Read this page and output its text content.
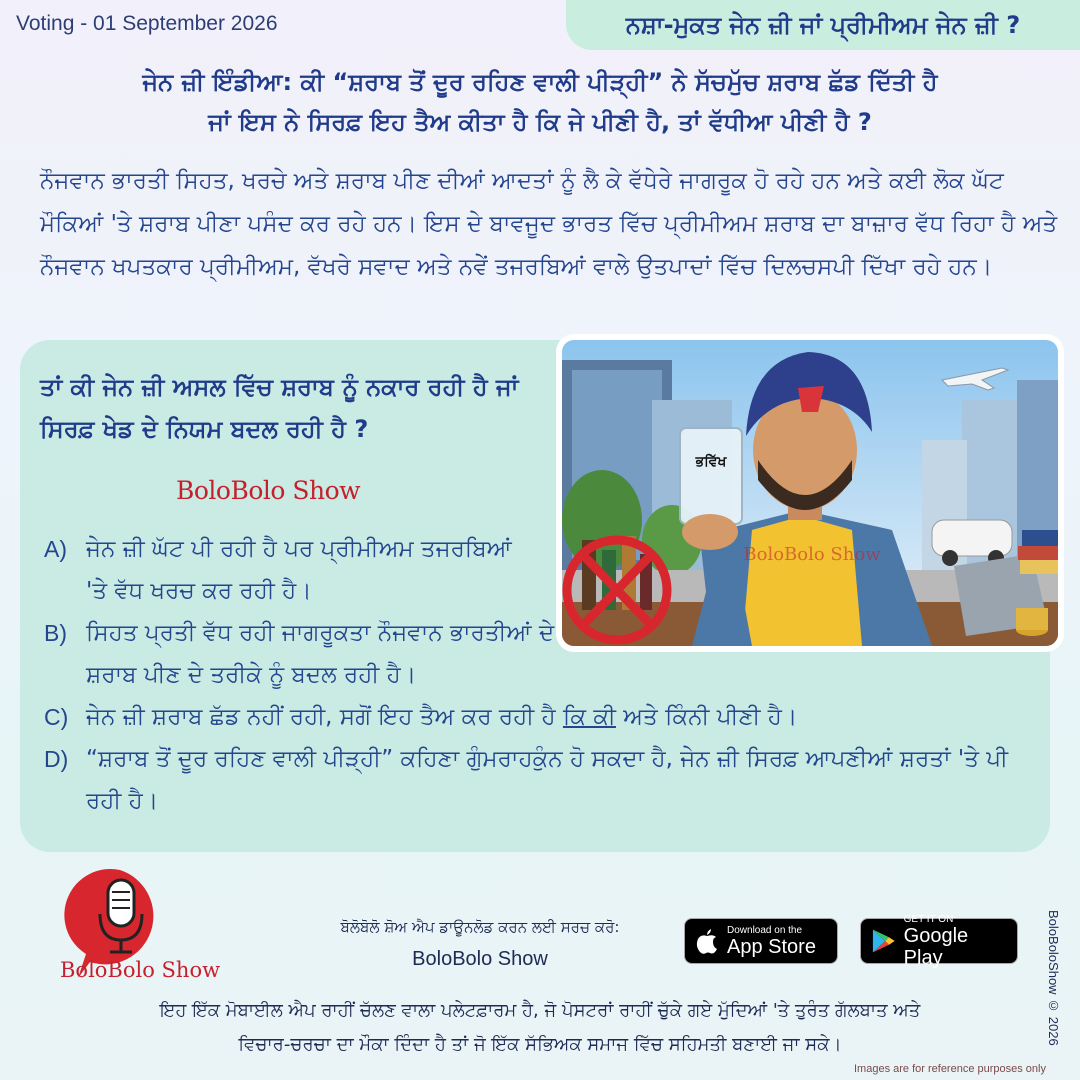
Voting - 01 September 2026	ਨਸ਼ਾ-ਮੁਕਤ ਜੇਨ ਜ਼ੀ ਜਾਂ ਪ੍ਰੀਮੀਅਮ ਜੇਨ ਜ਼ੀ ?
ਜੇਨ ਜ਼ੀ ਇੰਡੀਆ: ਕੀ “ਸ਼ਰਾਬ ਤੋਂ ਦੂਰ ਰਹਿਣ ਵਾਲੀ ਪੀੜ੍ਹੀ” ਨੇ ਸੱਚਮੁੱਚ ਸ਼ਰਾਬ ਛੱਡ ਦਿੱਤੀ ਹੈ
ਜਾਂ ਇਸ ਨੇ ਸਿਰਫ਼ ਇਹ ਤੈਅ ਕੀਤਾ ਹੈ ਕਿ ਜੇ ਪੀਣੀ ਹੈ, ਤਾਂ ਵੱਧੀਆ ਪੀਣੀ ਹੈ ?
ਨੌਜਵਾਨ ਭਾਰਤੀ ਸਿਹਤ, ਖਰਚੇ ਅਤੇ ਸ਼ਰਾਬ ਪੀਣ ਦੀਆਂ ਆਦਤਾਂ ਨੂੰ ਲੈ ਕੇ ਵੱਧੇਰੇ ਜਾਗਰੂਕ ਹੋ ਰਹੇ ਹਨ ਅਤੇ ਕਈ ਲੋਕ ਘੱਟ ਮੌਕਿਆਂ 'ਤੇ ਸ਼ਰਾਬ ਪੀਣਾ ਪਸੰਦ ਕਰ ਰਹੇ ਹਨ। ਇਸ ਦੇ ਬਾਵਜੂਦ ਭਾਰਤ ਵਿੱਚ ਪ੍ਰੀਮੀਅਮ ਸ਼ਰਾਬ ਦਾ ਬਾਜ਼ਾਰ ਵੱਧ ਰਿਹਾ ਹੈ ਅਤੇ ਨੌਜਵਾਨ ਖਪਤਕਾਰ ਪ੍ਰੀਮੀਅਮ, ਵੱਖਰੇ ਸਵਾਦ ਅਤੇ ਨਵੇਂ ਤਜਰਬਿਆਂ ਵਾਲੇ ਉਤਪਾਦਾਂ ਵਿੱਚ ਦਿਲਚਸਪੀ ਦਿੱਖਾ ਰਹੇ ਹਨ।
ਭਵਿੱਖ
BoloBolo Show
ਤਾਂ ਕੀ ਜੇਨ ਜ਼ੀ ਅਸਲ ਵਿੱਚ ਸ਼ਰਾਬ ਨੂੰ ਨਕਾਰ ਰਹੀ ਹੈ ਜਾਂ ਸਿਰਫ਼ ਖੇਡ ਦੇ ਨਿਯਮ ਬਦਲ ਰਹੀ ਹੈ ?
BoloBolo Show
A) ਜੇਨ ਜ਼ੀ ਘੱਟ ਪੀ ਰਹੀ ਹੈ ਪਰ ਪ੍ਰੀਮੀਅਮ ਤਜਰਬਿਆਂ 'ਤੇ ਵੱਧ ਖਰਚ ਕਰ ਰਹੀ ਹੈ।
B) ਸਿਹਤ ਪ੍ਰਤੀ ਵੱਧ ਰਹੀ ਜਾਗਰੂਕਤਾ ਨੌਜਵਾਨ ਭਾਰਤੀਆਂ ਦੇ ਸ਼ਰਾਬ ਪੀਣ ਦੇ ਤਰੀਕੇ ਨੂੰ ਬਦਲ ਰਹੀ ਹੈ।
C) ਜੇਨ ਜ਼ੀ ਸ਼ਰਾਬ ਛੱਡ ਨਹੀਂ ਰਹੀ, ਸਗੋਂ ਇਹ ਤੈਅ ਕਰ ਰਹੀ ਹੈ ਕਿ ਕੀ ਅਤੇ ਕਿੰਨੀ ਪੀਣੀ ਹੈ।
D) “ਸ਼ਰਾਬ ਤੋਂ ਦੂਰ ਰਹਿਣ ਵਾਲੀ ਪੀੜ੍ਹੀ” ਕਹਿਣਾ ਗੁੰਮਰਾਹਕੁੰਨ ਹੋ ਸਕਦਾ ਹੈ, ਜੇਨ ਜ਼ੀ ਸਿਰਫ਼ ਆਪਣੀਆਂ ਸ਼ਰਤਾਂ 'ਤੇ ਪੀ ਰਹੀ ਹੈ।
BoloBolo Show
ਬੋਲੋਬੋਲੋ ਸ਼ੋਅ ਐਪ ਡਾਊਨਲੋਡ ਕਰਨ ਲਈ ਸਰਚ ਕਰੋ:
BoloBolo Show
Download on the
App Store
GET IT ON
Google Play
ਇਹ ਇੱਕ ਮੋਬਾਈਲ ਐਪ ਰਾਹੀਂ ਚੱਲਣ ਵਾਲਾ ਪਲੇਟਫ਼ਾਰਮ ਹੈ, ਜੋ ਪੋਸਟਰਾਂ ਰਾਹੀਂ ਚੁੱਕੇ ਗਏ ਮੁੱਦਿਆਂ 'ਤੇ ਤੁਰੰਤ ਗੱਲਬਾਤ ਅਤੇ
ਵਿਚਾਰ-ਚਰਚਾ ਦਾ ਮੌਕਾ ਦਿੰਦਾ ਹੈ ਤਾਂ ਜੋ ਇੱਕ ਸੱਭਿਅਕ ਸਮਾਜ ਵਿੱਚ ਸਹਿਮਤੀ ਬਣਾਈ ਜਾ ਸਕੇ।	BoloBoloShow © 2026
Images are for reference purposes only
